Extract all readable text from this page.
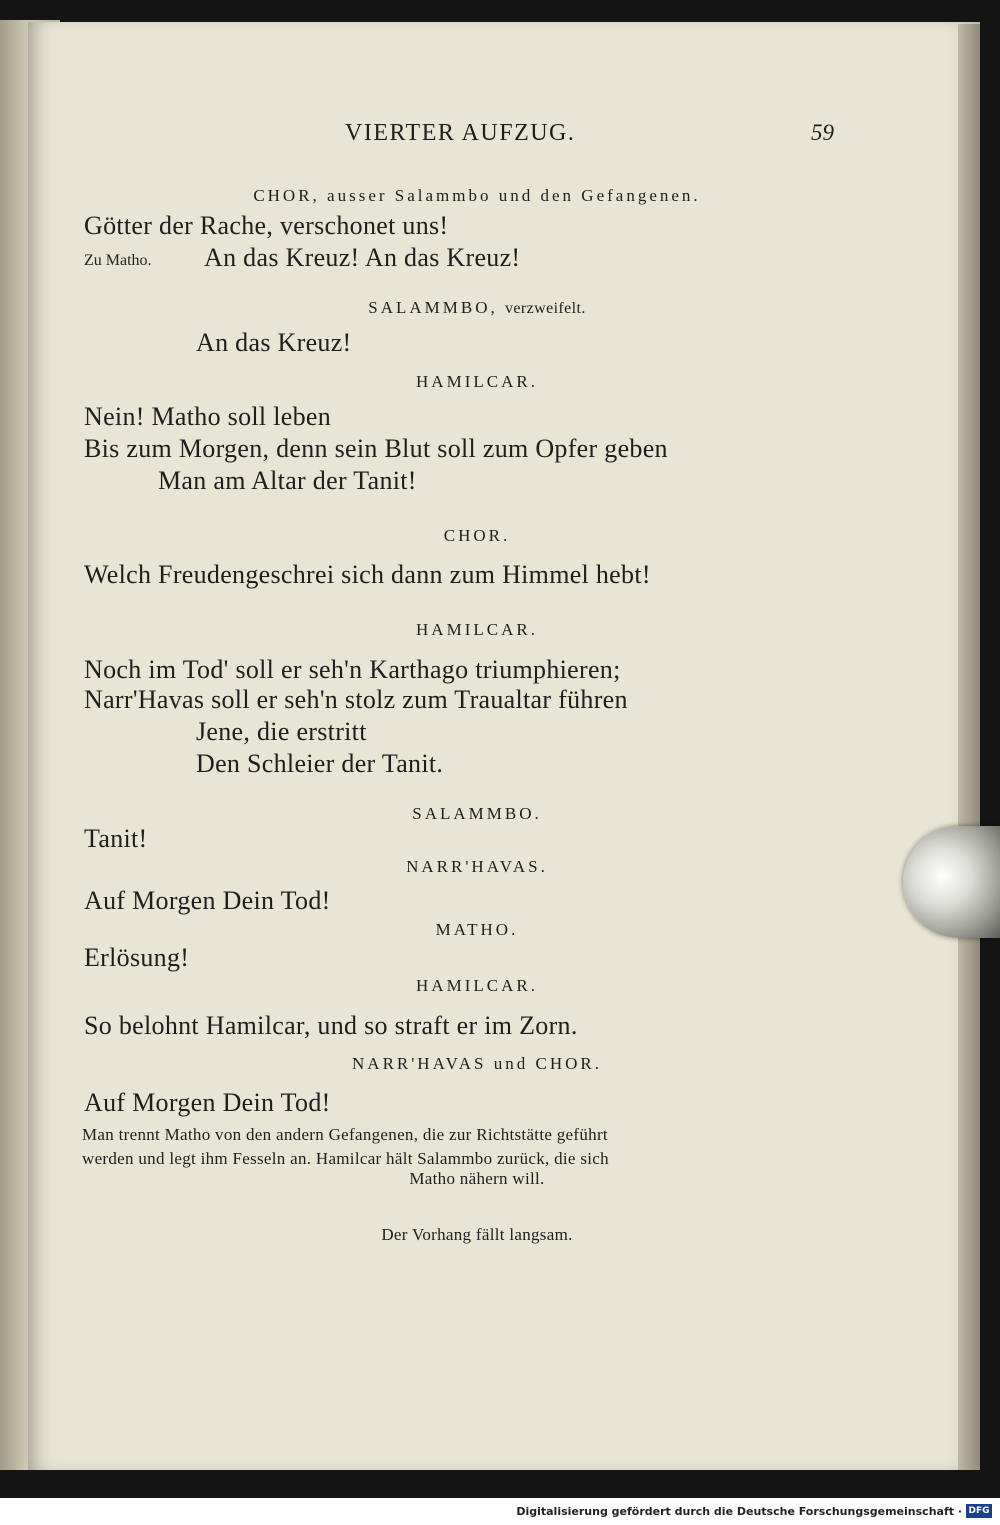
VIERTER AUFZUG.	59
CHOR, ausser Salammbo und den Gefangenen.
Götter der Rache, verschonet uns!
Zu Matho. An das Kreuz! An das Kreuz!
SALAMMBO, verzweifelt.
An das Kreuz!
HAMILCAR.
Nein! Matho soll leben
Bis zum Morgen, denn sein Blut soll zum Opfer geben
Man am Altar der Tanit!
CHOR.
Welch Freudengeschrei sich dann zum Himmel hebt!
HAMILCAR.
Noch im Tod' soll er seh'n Karthago triumphieren;
Narr'Havas soll er seh'n stolz zum Traualtar führen
Jene, die erstritt
Den Schleier der Tanit.
SALAMMBO.
Tanit!
NARR'HAVAS.
Auf Morgen Dein Tod!
MATHO.
Erlösung!
HAMILCAR.
So belohnt Hamilcar, und so straft er im Zorn.
NARR'HAVAS und CHOR.
Auf Morgen Dein Tod!
Man trennt Matho von den andern Gefangenen, die zur Richtstätte geführt
werden und legt ihm Fesseln an. Hamilcar hält Salammbo zurück, die sich
Matho nähern will.
Der Vorhang fällt langsam.
Digitalisierung gefördert durch die Deutsche Forschungsgemeinschaft · DFG
